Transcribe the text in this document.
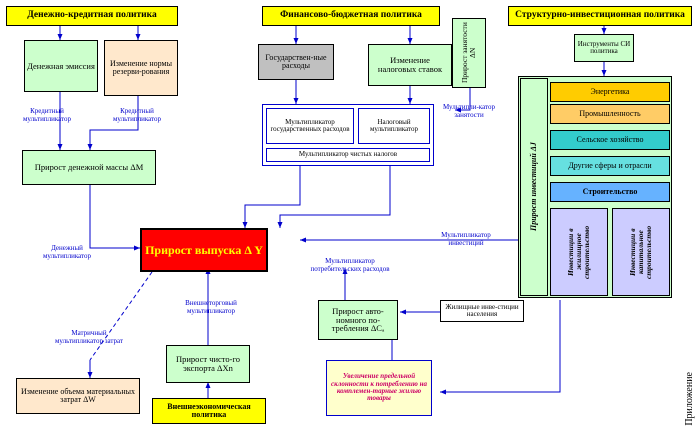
Денежно-кредитная политика	Финансово-бюджетная политика	Структурно-инвестиционная политика
Денежная эмиссия	Изменение нормы резерви-рования
Кредитный мультипликатор
Кредитный мультипликатор
Прирост денежной массы ΔM
Денежный мультипликатор
Государствен-ные расходы
Изменение налоговых ставок
Мультипликатор государственных расходов
Налоговый мультипликатор
Мультипликатор чистых налогов
Прирост занятости ΔN
Мультипли-катор занятости
Инструменты СИ политика
Прирост инвестиций ΔJ
Энергетика
Промышленность
Сельское хозяйство
Другие сферы и отрасли
Строительство
Инвестиции в жилищное строительство	Инвестиции в капитальное строительство
Мультипликатор инвестиций
Прирост выпуска Δ Y
Прирост авто-номного по-требления ΔCₐ
Мультипликатор потребительских расходов
Жилищные инве-стиции населения
Увеличение предельной склонности к потреблению на комплемен-тарные жилью товары
Внешнеторговый мультипликатор
Прирост чисто-го экспорта ΔXn
Внешнеэкономическая политика
Матричный мультипликатор затрат
Изменение объема материальных затрат ΔW	Приложение
